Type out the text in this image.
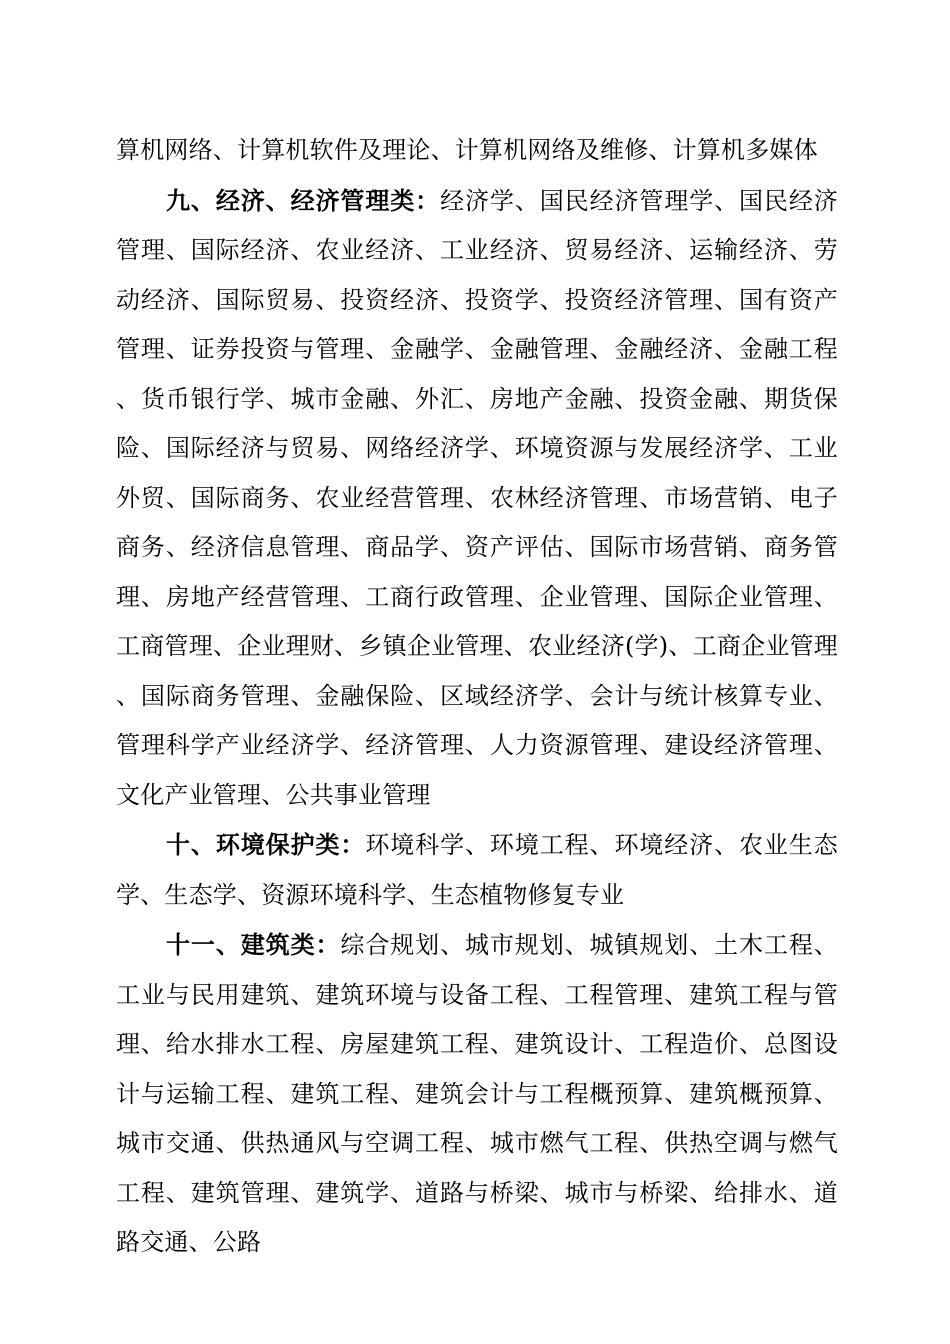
算机网络、计算机软件及理论、计算机网络及维修、计算机多媒体

九、经济、经济管理类：经济学、国民经济管理学、国民经济管理、国际经济、农业经济、工业经济、贸易经济、运输经济、劳动经济、国际贸易、投资经济、投资学、投资经济管理、国有资产管理、证券投资与管理、金融学、金融管理、金融经济、金融工程、货币银行学、城市金融、外汇、房地产金融、投资金融、期货保险、国际经济与贸易、网络经济学、环境资源与发展经济学、工业外贸、国际商务、农业经营管理、农林经济管理、市场营销、电子商务、经济信息管理、商品学、资产评估、国际市场营销、商务管理、房地产经营管理、工商行政管理、企业管理、国际企业管理、工商管理、企业理财、乡镇企业管理、农业经济(学)、工商企业管理、国际商务管理、金融保险、区域经济学、会计与统计核算专业、管理科学产业经济学、经济管理、人力资源管理、建设经济管理、文化产业管理、公共事业管理

十、环境保护类：环境科学、环境工程、环境经济、农业生态学、生态学、资源环境科学、生态植物修复专业

十一、建筑类：综合规划、城市规划、城镇规划、土木工程、工业与民用建筑、建筑环境与设备工程、工程管理、建筑工程与管理、给水排水工程、房屋建筑工程、建筑设计、工程造价、总图设计与运输工程、建筑工程、建筑会计与工程概预算、建筑概预算、城市交通、供热通风与空调工程、城市燃气工程、供热空调与燃气工程、建筑管理、建筑学、道路与桥梁、城市与桥梁、给排水、道路交通、公路
